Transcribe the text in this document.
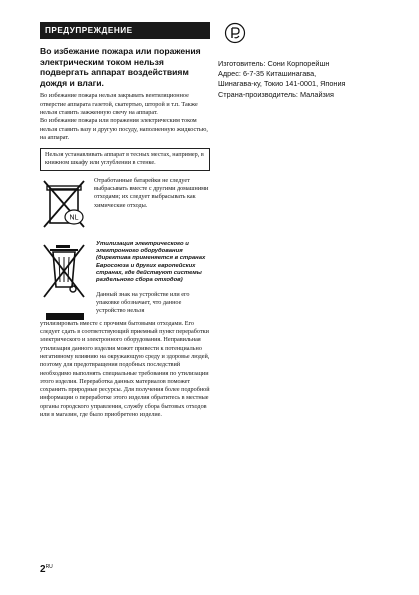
ПРЕДУПРЕЖДЕНИЕ
Во избежание пожара или поражения электрическим током нельзя подвергать аппарат воздействиям дождя и влаги.

Во избежание пожара нельзя закрывать вентиляционное отверстие аппарата газетой, скатертью, шторой и т.п. Также нельзя ставить зажженную свечу на аппарат.

Во избежание пожара или поражения электрическим током нельзя ставить вазу и другую посуду, наполненную жидкостью, на аппарат.

Нельзя устанавливать аппарат в тесных местах, например, в книжном шкафу или углублении в стенке.
NL
Отработанные батарейки не следует выбрасывать вместе с другими домашними отходами; их следует выбрасывать как химические отходы.
Утилизация электрического и электронного оборудования (директива применяется в странах Евросоюза и других европейских странах, где действуют системы раздельного сбора отходов)

Данный знак на устройстве или его упаковке обозначает, что данное устройство нельзя

утилизировать вместе с прочими бытовыми отходами. Его следует сдать в соответствующий приемный пункт переработки электрического и электронного оборудования. Неправильная утилизация данного изделия может привести к потенциально негативному влиянию на окружающую среду и здоровье людей, поэтому для предотвращения подобных последствий необходимо выполнять специальные требования по утилизации этого изделия. Переработка данных материалов поможет сохранить природные ресурсы. Для получения более подробной информации о переработке этого изделия обратитесь в местные органы городского управления, службу сбора бытовых отходов или в магазин, где было приобретено изделие.

Изготовитель: Сони Корпорейшн
Адрес: 6-7-35 Киташинагава,
Шинагава-ку, Токио 141-0001, Япония
Страна-производитель: Малайзия
$2^{RU}$
